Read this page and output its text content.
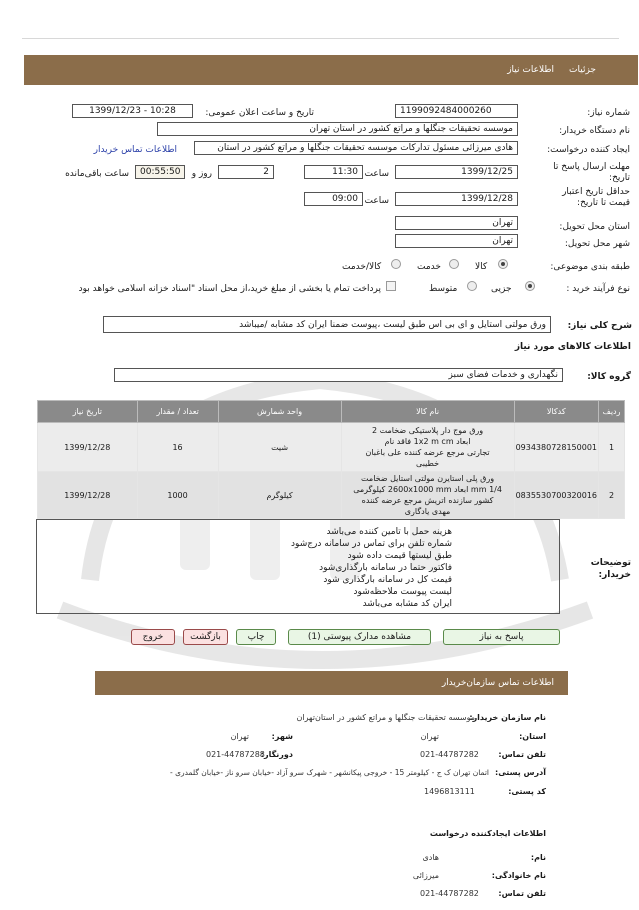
جزئیات
اطلاعات نیاز
شماره نیاز:
1199092484000260
تاریخ و ساعت اعلان عمومی:
1399/12/23 - 10:28
نام دستگاه خریدار:
موسسه تحقیقات جنگلها و مراتع کشور در استان تهران
ایجاد کننده درخواست:
هادی میرزائی مسئول تدارکات موسسه تحقیقات جنگلها و مراتع کشور در استان
اطلاعات تماس خریدار
مهلت ارسال پاسخ تا تاریخ:
1399/12/25
ساعت
11:30
2
روز و
00:55:50
ساعت باقی‌مانده
حداقل تاریخ اعتبار قیمت تا تاریخ:
1399/12/28
ساعت
09:00
استان محل تحویل:
تهران
شهر محل تحویل:
تهران
طبقه بندی موضوعی:
کالا
خدمت
کالا/خدمت
نوع فرآیند خرید :
جزیی
متوسط
پرداخت تمام یا بخشی از مبلغ خرید،از محل اسناد "اسناد خزانه اسلامی خواهد بود
شرح کلی نیاز:
ورق مولتی استایل و ای بی اس طبق لیست ،پیوست ضمنا ایران کد مشابه /میباشد
اطلاعات کالاهای مورد نیاز
گروه کالا:
نگهداری و خدمات فضای سبز
ردیف	کدکالا	نام کالا	واحد شمارش	تعداد / مقدار	تاریخ نیاز
1	0934380728150001	ورق موج دار پلاستیکی ضخامت 2
ابعاد 1x2 m cm فاقد نام
تجارتی مرجع عرضه کننده علی باغبان
خطیبی	شیت	16	1399/12/28
2	0835530700320016	ورق پلی استایرن مولتی استایل ضخامت
1/4 mm ابعاد 2600x1000 mm کیلوگرمی
کشور سازنده اتریش مرجع عرضه کننده
مهدی یادگاری	کیلوگرم	1000	1399/12/28
توضیحات خریدار:

هزینه حمل با تامین کننده می‌باشد

شماره تلفن برای تماس در سامانه درج‌شود

طبق لیستها قیمت داده شود

فاکتور حتما در سامانه بارگذاری‌شود

قیمت کل در سامانه بارگذاری شود

لیست پیوست ملاحظه‌شود

ایران کد مشابه می‌باشد

پاسخ به نیاز
مشاهده مدارک پیوستی (1)
چاپ
بازگشت
خروج
اطلاعات تماس سازمان‌خریدار
نام سازمان خریدار:
موسسه تحقیقات جنگلها و مراتع کشور در استان‌تهران
استان:
تهران
شهر:
تهران
تلفن تماس:
021-44787282
دورنگار:
021-44787288
آدرس پستی:
اتمان تهران ک ج - کیلومتر 15 - خروجی پیکانشهر - شهرک سرو آزاد -خیابان سرو ناز -خیابان گلمدری -
کد پستی:
1496813111
اطلاعات ایجادکننده درخواست
نام:
هادی
نام خانوادگی:
میرزائی
تلفن تماس:
021-44787282
